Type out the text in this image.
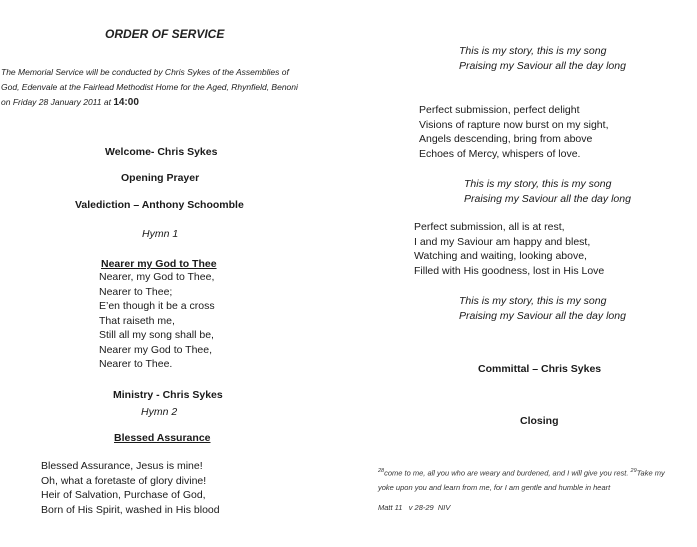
ORDER OF SERVICE
The Memorial Service will be conducted by Chris Sykes of the Assemblies of
God, Edenvale at the Fairlead Methodist Home for the Aged, Rhynfield, Benoni
on Friday 28 January 2011 at 14:00
Welcome- Chris Sykes
Opening Prayer
Valediction – Anthony Schoomble
Hymn 1
Nearer my God to Thee
Nearer, my God to Thee,
Nearer to Thee;
E’en though it be a cross
That raiseth me,
Still all my song shall be,
Nearer my God to Thee,
Nearer to Thee.
Ministry - Chris Sykes
Hymn 2
Blessed Assurance
Blessed Assurance, Jesus is mine!
Oh, what a foretaste of glory divine!
Heir of Salvation, Purchase of God,
Born of His Spirit, washed in His blood
This is my story, this is my song
Praising my Saviour all the day long
Perfect submission, perfect delight
Visions of rapture now burst on my sight,
Angels descending, bring from above
Echoes of Mercy, whispers of love.
This is my story, this is my song
Praising my Saviour all the day long
Perfect submission, all is at rest,
I and my Saviour am happy and blest,
Watching and waiting, looking above,
Filled with His goodness, lost in His Love
This is my story, this is my song
Praising my Saviour all the day long
Committal – Chris Sykes
Closing
$^{28}$come to me, all you who are weary and burdened, and I will give you rest. $^{29}$Take my
yoke upon you and learn from me, for I am gentle and humble in heart
Matt 11   v 28-29  NIV
